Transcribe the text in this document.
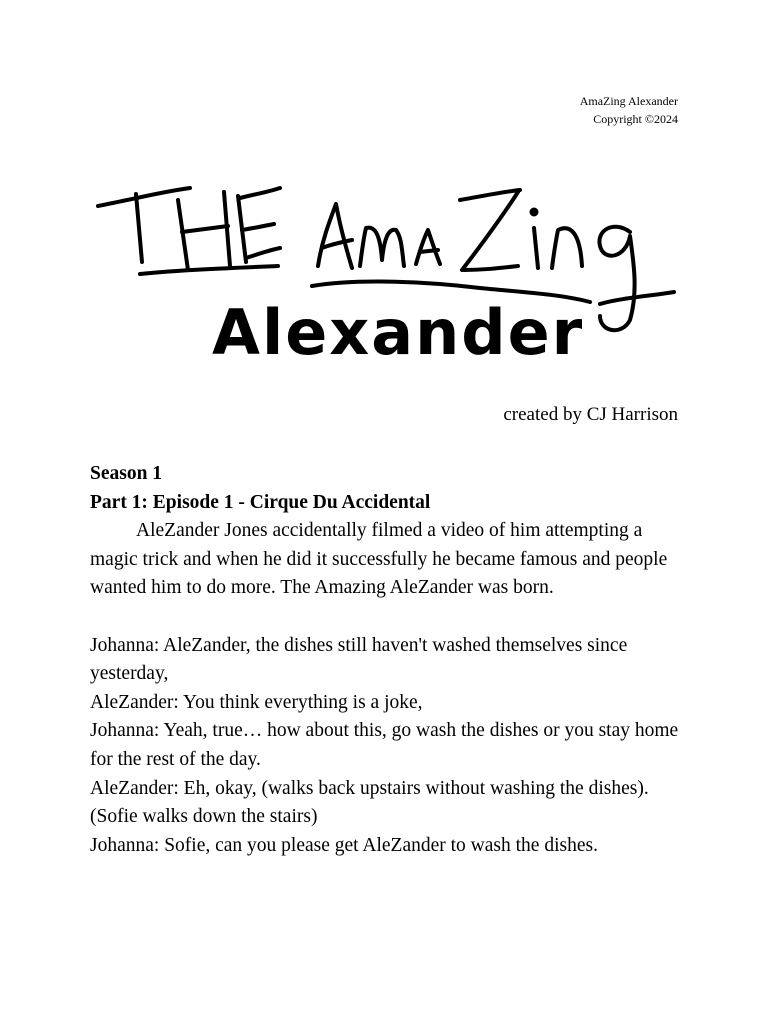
AmaZing Alexander
Copyright ©2024
Alexander
created by CJ Harrison

Season 1

Part 1: Episode 1 - Cirque Du Accidental

AleZander Jones accidentally filmed a video of him attempting a magic trick and when he did it successfully he became famous and people wanted him to do more. The Amazing AleZander was born.

Johanna: AleZander, the dishes still haven't washed themselves since yesterday,

AleZander: You think everything is a joke,

Johanna: Yeah, true… how about this, go wash the dishes or you stay home for the rest of the day.

AleZander: Eh, okay, (walks back upstairs without washing the dishes).

(Sofie walks down the stairs)

Johanna: Sofie, can you please get AleZander to wash the dishes.
